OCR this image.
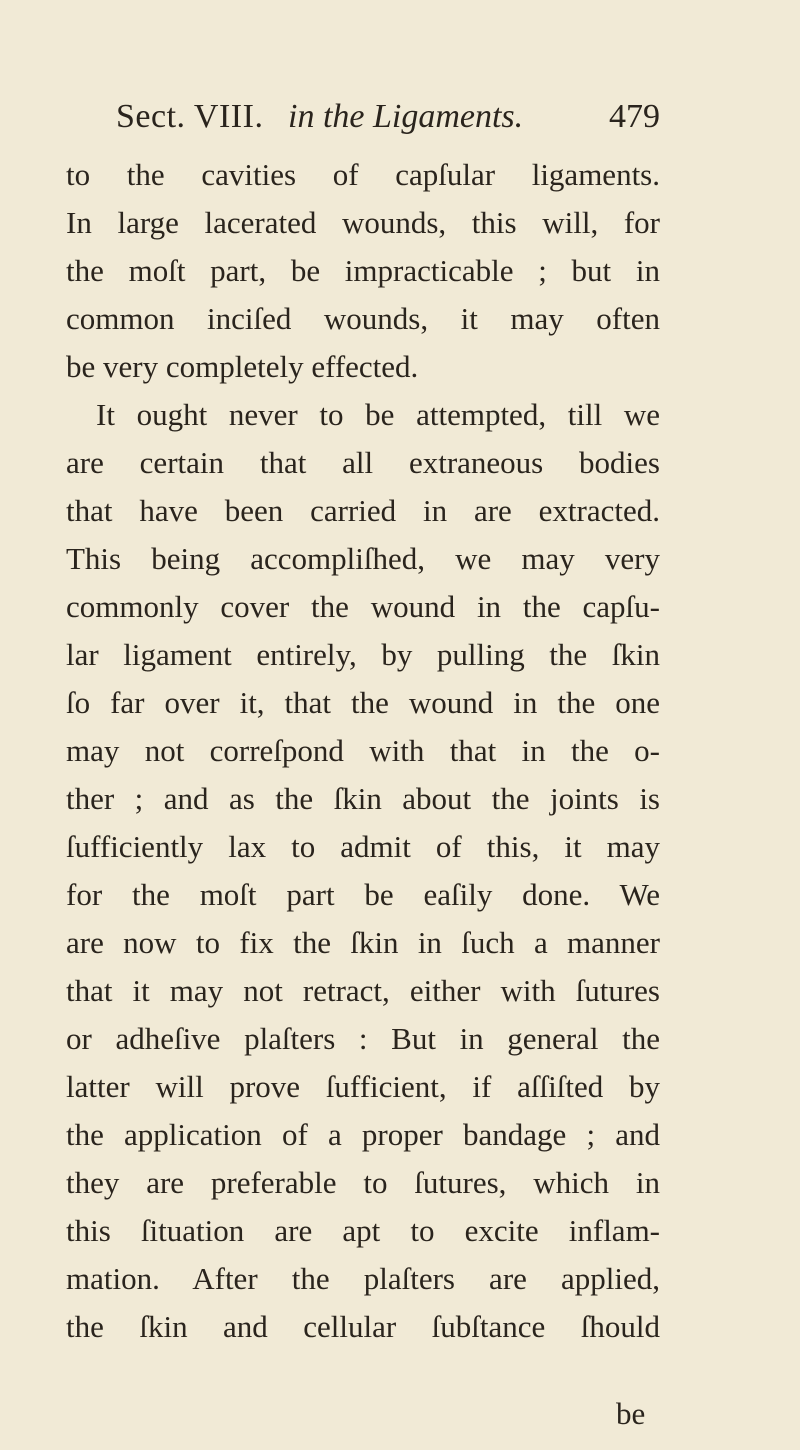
Sect. VIII. in the Ligaments.	479
to the cavities of capſular ligaments.
In large lacerated wounds, this will, for
the moſt part, be impracticable ; but in
common inciſed wounds, it may often
be very completely effected.
It ought never to be attempted, till we
are certain that all extraneous bodies
that have been carried in are extracted.
This being accompliſhed, we may very
commonly cover the wound in the capſu-
lar ligament entirely, by pulling the ſkin
ſo far over it, that the wound in the one
may not correſpond with that in the o-
ther ; and as the ſkin about the joints is
ſufficiently lax to admit of this, it may
for the moſt part be eaſily done. We
are now to fix the ſkin in ſuch a manner
that it may not retract, either with ſutures
or adheſive plaſters : But in general the
latter will prove ſufficient, if aſſiſted by
the application of a proper bandage ; and
they are preferable to ſutures, which in
this ſituation are apt to excite inflam-
mation. After the plaſters are applied,
the ſkin and cellular ſubſtance ſhould
be
